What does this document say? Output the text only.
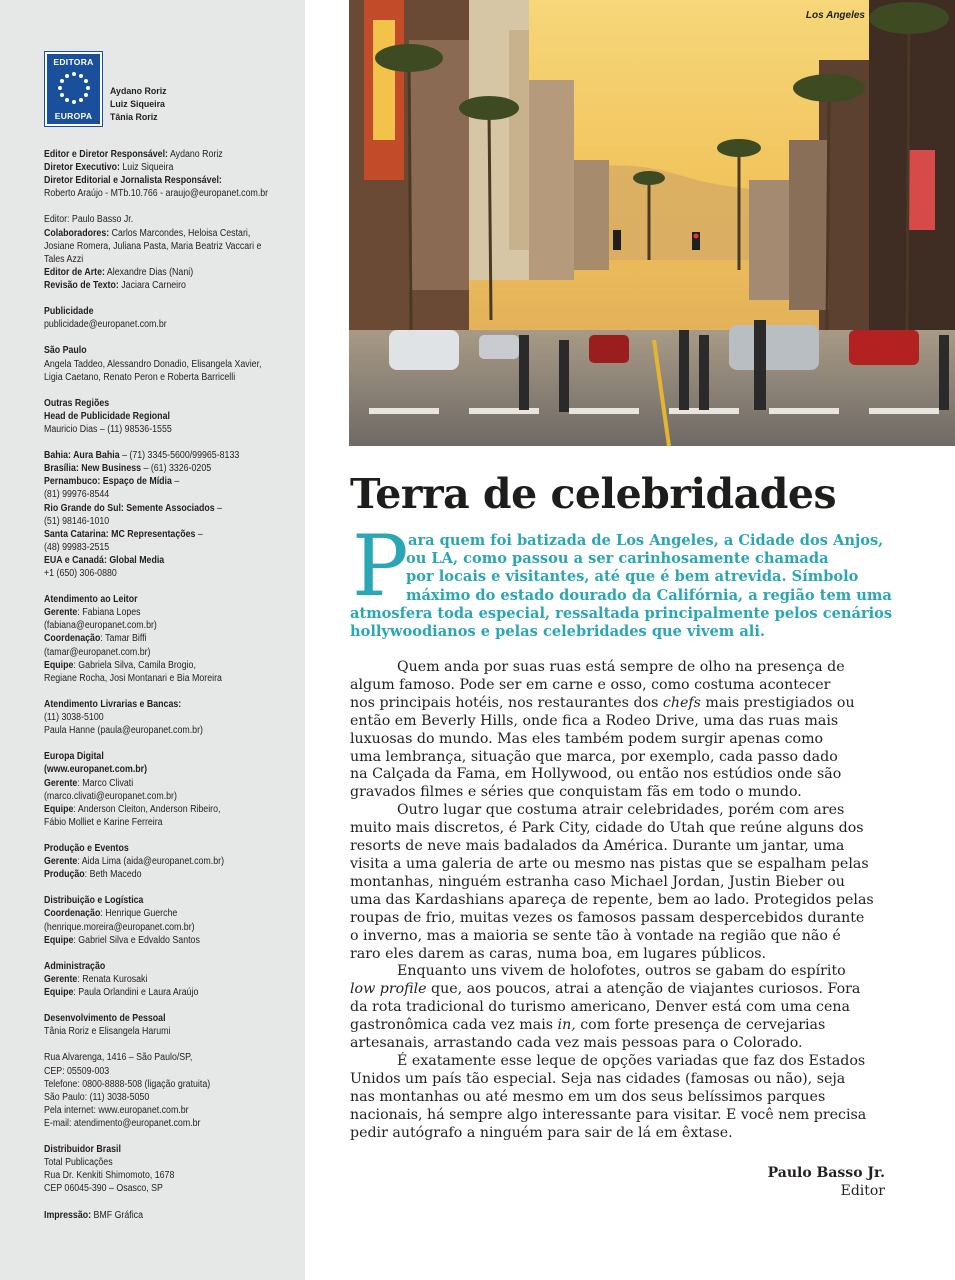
EDITORA
EUROPA
Aydano Roriz
Luiz Siqueira
Tânia Roriz
Editor e Diretor Responsável: Aydano Roriz
Diretor Executivo: Luiz Siqueira
Diretor Editorial e Jornalista Responsável:
Roberto Araújo - MTb.10.766 - araujo@europanet.com.br
Editor: Paulo Basso Jr.
Colaboradores: Carlos Marcondes, Heloisa Cestari,
Josiane Romera, Juliana Pasta, Maria Beatriz Vaccari e
Tales Azzi
Editor de Arte: Alexandre Dias (Nani)
Revisão de Texto: Jaciara Carneiro
Publicidade
publicidade@europanet.com.br
São Paulo
Angela Taddeo, Alessandro Donadio, Elisangela Xavier,
Ligia Caetano, Renato Peron e Roberta Barricelli
Outras Regiões
Head de Publicidade Regional
Mauricio Dias – (11) 98536-1555
Bahia: Aura Bahia – (71) 3345-5600/99965-8133
Brasília: New Business – (61) 3326-0205
Pernambuco: Espaço de Mídia –
(81) 99976-8544
Rio Grande do Sul: Semente Associados –
(51) 98146-1010
Santa Catarina: MC Representações –
(48) 99983-2515
EUA e Canadá: Global Media
+1 (650) 306-0880
Atendimento ao Leitor
Gerente: Fabiana Lopes
(fabiana@europanet.com.br)
Coordenação: Tamar Biffi
(tamar@europanet.com.br)
Equipe: Gabriela Silva, Camila Brogio,
Regiane Rocha, Josi Montanari e Bia Moreira
Atendimento Livrarias e Bancas:
(11) 3038-5100
Paula Hanne (paula@europanet.com.br)
Europa Digital
(www.europanet.com.br)
Gerente: Marco Clivati
(marco.clivati@europanet.com.br)
Equipe: Anderson Cleiton, Anderson Ribeiro,
Fábio Molliet e Karine Ferreira
Produção e Eventos
Gerente: Aida Lima (aida@europanet.com.br)
Produção: Beth Macedo
Distribuição e Logística
Coordenação: Henrique Guerche
(henrique.moreira@europanet.com.br)
Equipe: Gabriel Silva e Edvaldo Santos
Administração
Gerente: Renata Kurosaki
Equipe: Paula Orlandini e Laura Araújo
Desenvolvimento de Pessoal
Tânia Roriz e Elisangela Harumi
Rua Alvarenga, 1416 – São Paulo/SP,
CEP: 05509-003
Telefone: 0800-8888-508 (ligação gratuita)
São Paulo: (11) 3038-5050
Pela internet: www.europanet.com.br
E-mail: atendimento@europanet.com.br
Distribuidor Brasil
Total Publicações
Rua Dr. Kenkiti Shimomoto, 1678
CEP 06045-390 – Osasco, SP
Impressão: BMF Gráfica
Los Angeles
Terra de celebridades
P ara quem foi batizada de Los Angeles, a Cidade dos Anjos,
ou LA, como passou a ser carinhosamente chamada
por locais e visitantes, até que é bem atrevida. Símbolo
máximo do estado dourado da Califórnia, a região tem uma
atmosfera toda especial, ressaltada principalmente pelos cenários
hollywoodianos e pelas celebridades que vivem ali.
Quem anda por suas ruas está sempre de olho na presença de
algum famoso. Pode ser em carne e osso, como costuma acontecer
nos principais hotéis, nos restaurantes dos chefs mais prestigiados ou
então em Beverly Hills, onde fica a Rodeo Drive, uma das ruas mais
luxuosas do mundo. Mas eles também podem surgir apenas como
uma lembrança, situação que marca, por exemplo, cada passo dado
na Calçada da Fama, em Hollywood, ou então nos estúdios onde são
gravados filmes e séries que conquistam fãs em todo o mundo.
Outro lugar que costuma atrair celebridades, porém com ares
muito mais discretos, é Park City, cidade do Utah que reúne alguns dos
resorts de neve mais badalados da América. Durante um jantar, uma
visita a uma galeria de arte ou mesmo nas pistas que se espalham pelas
montanhas, ninguém estranha caso Michael Jordan, Justin Bieber ou
uma das Kardashians apareça de repente, bem ao lado. Protegidos pelas
roupas de frio, muitas vezes os famosos passam despercebidos durante
o inverno, mas a maioria se sente tão à vontade na região que não é
raro eles darem as caras, numa boa, em lugares públicos.
Enquanto uns vivem de holofotes, outros se gabam do espírito
low profile que, aos poucos, atrai a atenção de viajantes curiosos. Fora
da rota tradicional do turismo americano, Denver está com uma cena
gastronômica cada vez mais in, com forte presença de cervejarias
artesanais, arrastando cada vez mais pessoas para o Colorado.
É exatamente esse leque de opções variadas que faz dos Estados
Unidos um país tão especial. Seja nas cidades (famosas ou não), seja
nas montanhas ou até mesmo em um dos seus belíssimos parques
nacionais, há sempre algo interessante para visitar. E você nem precisa
pedir autógrafo a ninguém para sair de lá em êxtase.
Paulo Basso Jr.
Editor
